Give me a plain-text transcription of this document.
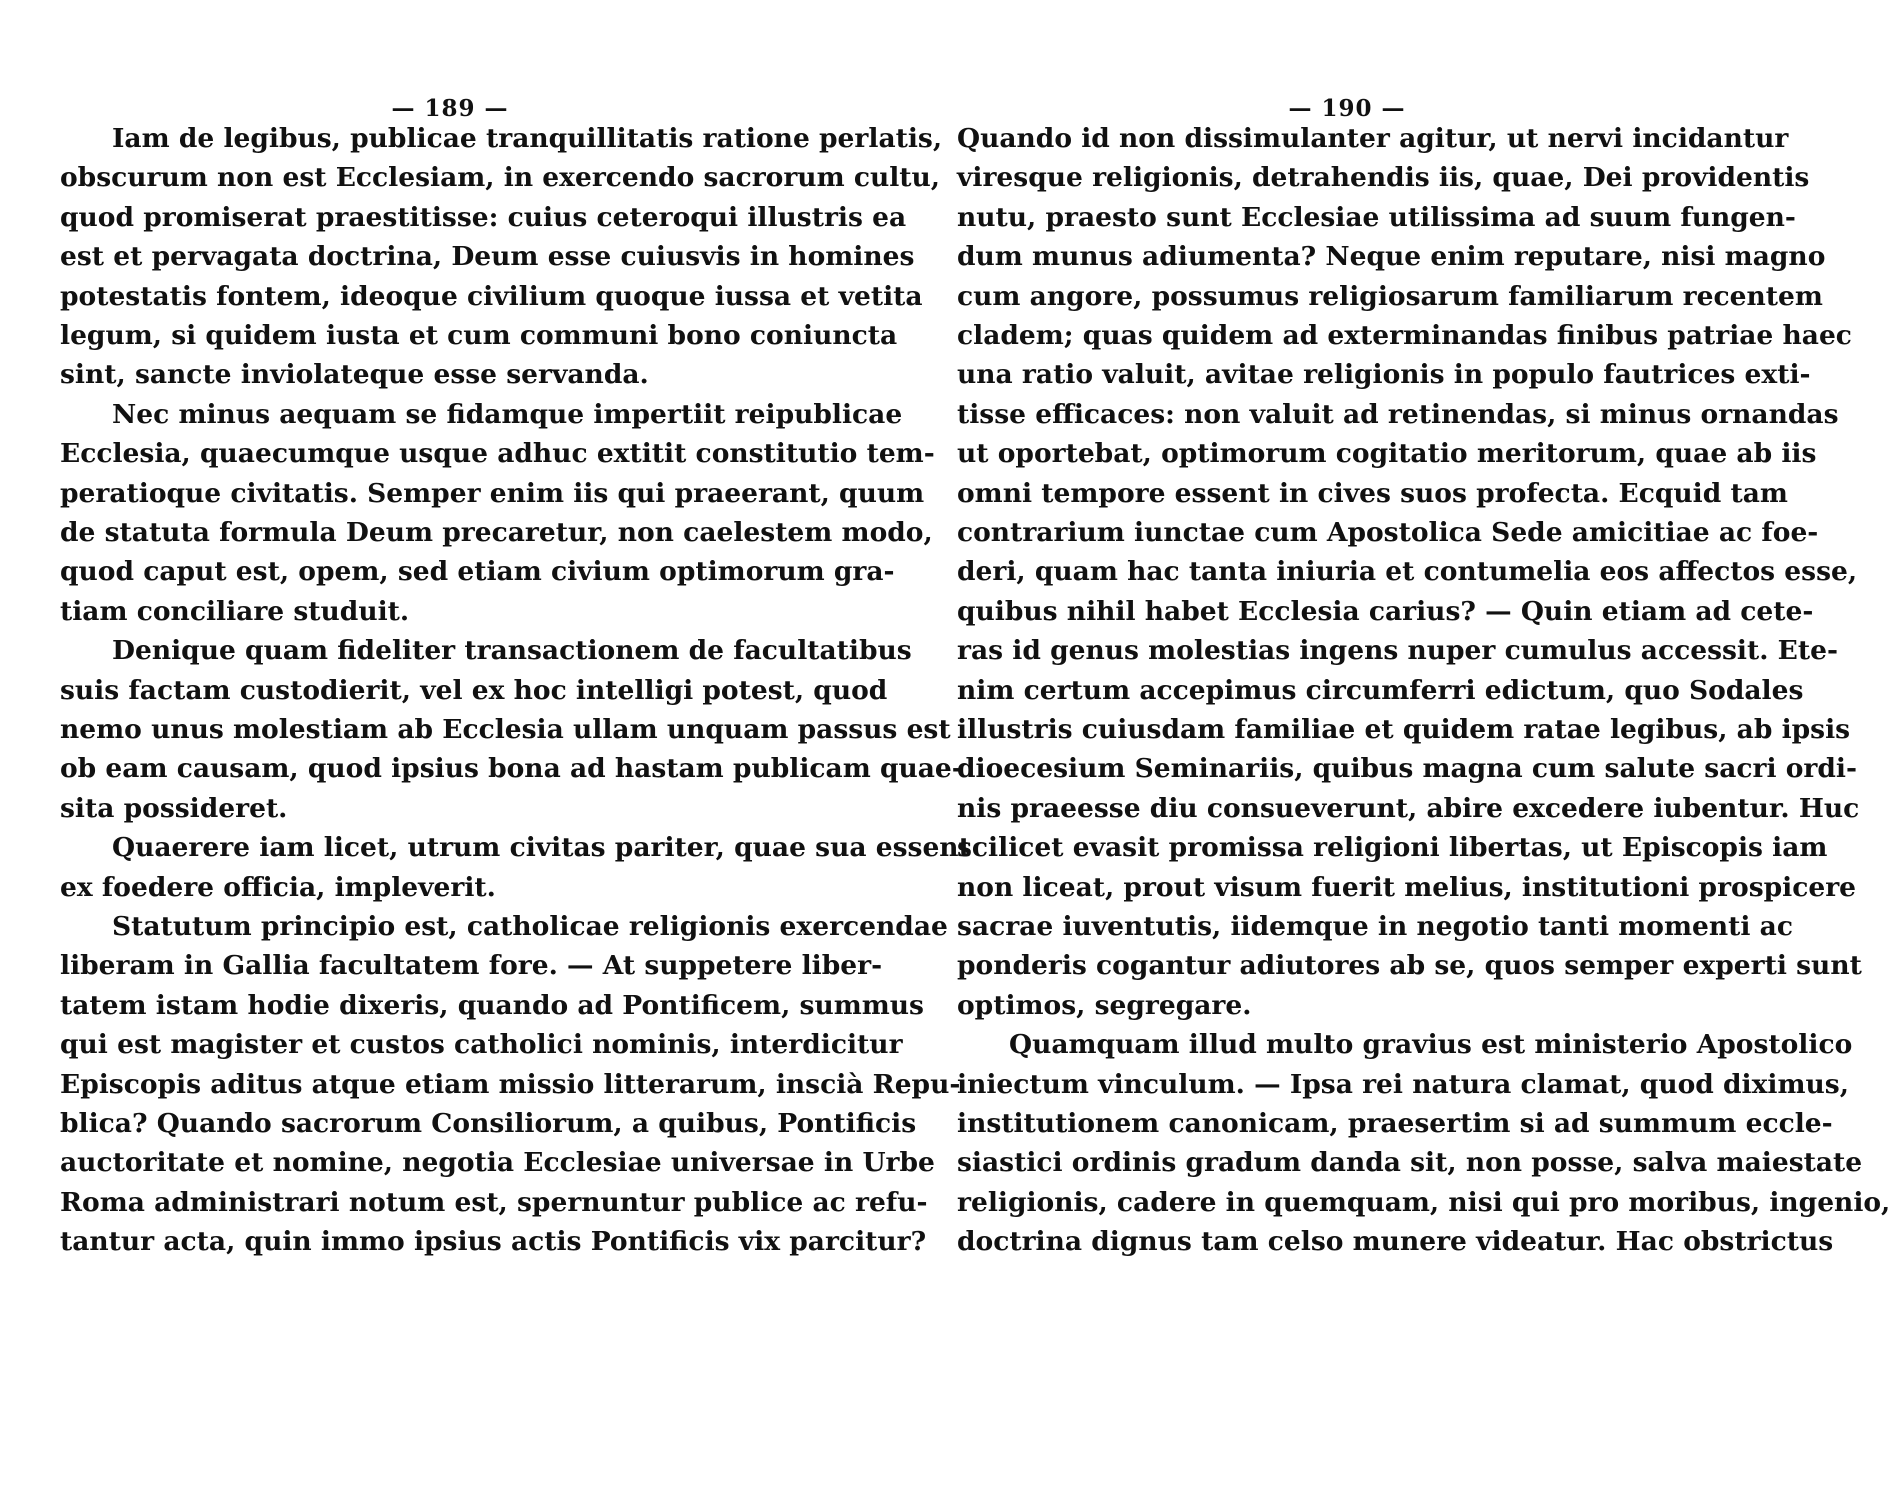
— 189 —
Iam de legibus, publicae tranquillitatis ratione perlatis,
obscurum non est Ecclesiam, in exercendo sacrorum cultu,
quod promiserat praestitisse: cuius ceteroqui illustris ea
est et pervagata doctrina, Deum esse cuiusvis in homines
potestatis fontem, ideoque civilium quoque iussa et vetita
legum, si quidem iusta et cum communi bono coniuncta
sint, sancte inviolateque esse servanda.
Nec minus aequam se fidamque impertiit reipublicae
Ecclesia, quaecumque usque adhuc extitit constitutio tem-
peratioque civitatis. Semper enim iis qui praeerant, quum
de statuta formula Deum precaretur, non caelestem modo,
quod caput est, opem, sed etiam civium optimorum gra-
tiam conciliare studuit.
Denique quam fideliter transactionem de facultatibus
suis factam custodierit, vel ex hoc intelligi potest, quod
nemo unus molestiam ab Ecclesia ullam unquam passus est
ob eam causam, quod ipsius bona ad hastam publicam quae-
sita possideret.
Quaerere iam licet, utrum civitas pariter, quae sua essent
ex foedere officia, impleverit.
Statutum principio est, catholicae religionis exercendae
liberam in Gallia facultatem fore. — At suppetere liber-
tatem istam hodie dixeris, quando ad Pontificem, summus
qui est magister et custos catholici nominis, interdicitur
Episcopis aditus atque etiam missio litterarum, inscià Repu-
blica? Quando sacrorum Consiliorum, a quibus, Pontificis
auctoritate et nomine, negotia Ecclesiae universae in Urbe
Roma administrari notum est, spernuntur publice ac refu-
tantur acta, quin immo ipsius actis Pontificis vix parcitur?
— 190 —
Quando id non dissimulanter agitur, ut nervi incidantur
viresque religionis, detrahendis iis, quae, Dei providentis
nutu, praesto sunt Ecclesiae utilissima ad suum fungen-
dum munus adiumenta? Neque enim reputare, nisi magno
cum angore, possumus religiosarum familiarum recentem
cladem; quas quidem ad exterminandas finibus patriae haec
una ratio valuit, avitae religionis in populo fautrices exti-
tisse efficaces: non valuit ad retinendas, si minus ornandas
ut oportebat, optimorum cogitatio meritorum, quae ab iis
omni tempore essent in cives suos profecta. Ecquid tam
contrarium iunctae cum Apostolica Sede amicitiae ac foe-
deri, quam hac tanta iniuria et contumelia eos affectos esse,
quibus nihil habet Ecclesia carius? — Quin etiam ad cete-
ras id genus molestias ingens nuper cumulus accessit. Ete-
nim certum accepimus circumferri edictum, quo Sodales
illustris cuiusdam familiae et quidem ratae legibus, ab ipsis
dioecesium Seminariis, quibus magna cum salute sacri ordi-
nis praeesse diu consueverunt, abire excedere iubentur. Huc
scilicet evasit promissa religioni libertas, ut Episcopis iam
non liceat, prout visum fuerit melius, institutioni prospicere
sacrae iuventutis, iidemque in negotio tanti momenti ac
ponderis cogantur adiutores ab se, quos semper experti sunt
optimos, segregare.
Quamquam illud multo gravius est ministerio Apostolico
iniectum vinculum. — Ipsa rei natura clamat, quod diximus,
institutionem canonicam, praesertim si ad summum eccle-
siastici ordinis gradum danda sit, non posse, salva maiestate
religionis, cadere in quemquam, nisi qui pro moribus, ingenio,
doctrina dignus tam celso munere videatur. Hac obstrictus
